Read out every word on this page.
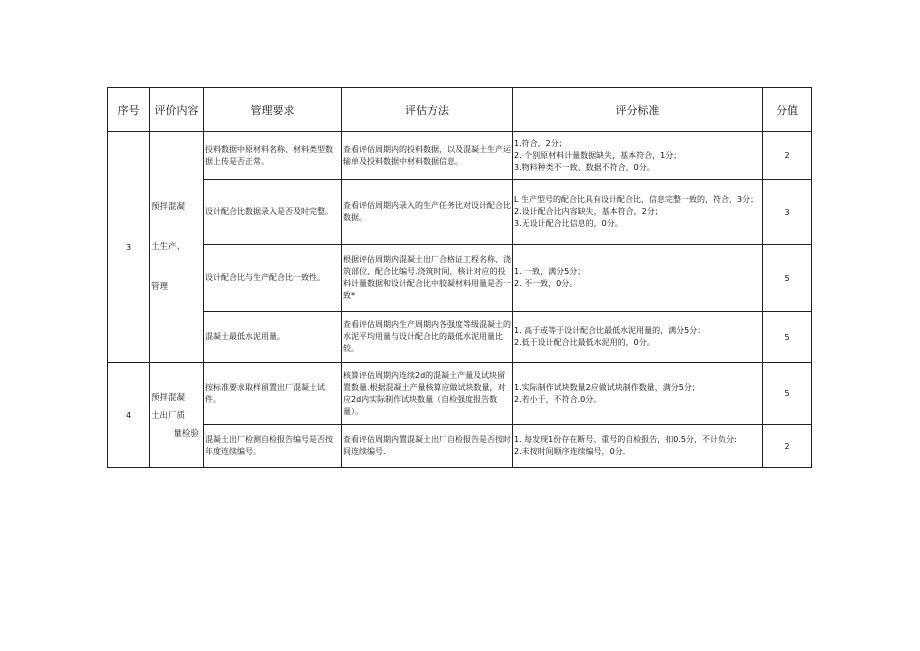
序号	评价内容	管理要求	评估方法	评分标准	分值
3	预拌混凝

土生产、

管理	投料数据中原材料名称、材料类型数据上传是否正常。	查看评估周期内的投料数据，以及混凝土生产运输单及投料数据中材料数据信息。	1.符合，2分；
2. 个别原材料计量数据缺失，基本符合，1分；
3.物料种类不一致、数据不符合，0分。	2
		设计配合比数据录入是否及时完整。	查看评估周期内录入的生产任务比对设计配合比数据。	L 生产型号的配合比具有设计配合比，信息完整一致的，符合，3分；
2.设计配合比内容缺失，基本符合，2分；
3.无设计配合比信息的，0分。	3
		设计配合比与生产配合比一致性。	根据评估周期内混凝土出厂合格证工程名称、浇筑部位、配合比编号.浇筑时间，核计对应的投料计量数据和设计配合比中胶凝材料用量是否一致*	1. 一致，满分5分；
2. 不一致，0分。	5
		混凝土最低水泥用量。	查看评估周期内生产周期内各强度等级混凝土的水泥平均用量与设计配合比的最低水泥用量比较。	1. 高于或等于设计配合比最低水泥用量的，满分5分：
2.低于设计配合比最低水泥用的，0分。	5
4	预拌混凝
土出厂质
量检验	按标准要求取样留置出厂混凝土试件。	核算评估周期内连续2d的混凝土产量及试块留置数量.根据混凝土产量核算应做试块数量，对应2d内实际制作试块数量（自检强度报告数量）。	1.实际制作试块数量2应做试块制作数量，满分5分；
2.若小于，不符合.0分。	5
		混凝土出厂检测自检报告编号是否按年度连续编号。	查看评估周期内置混凝土出厂自检报告是否按时间连续编号.	1. 每发现1份存在断号、重号的自检报告，扣0.5分，不计负分:
2.未按时间顺序连续编号，0分.	2
